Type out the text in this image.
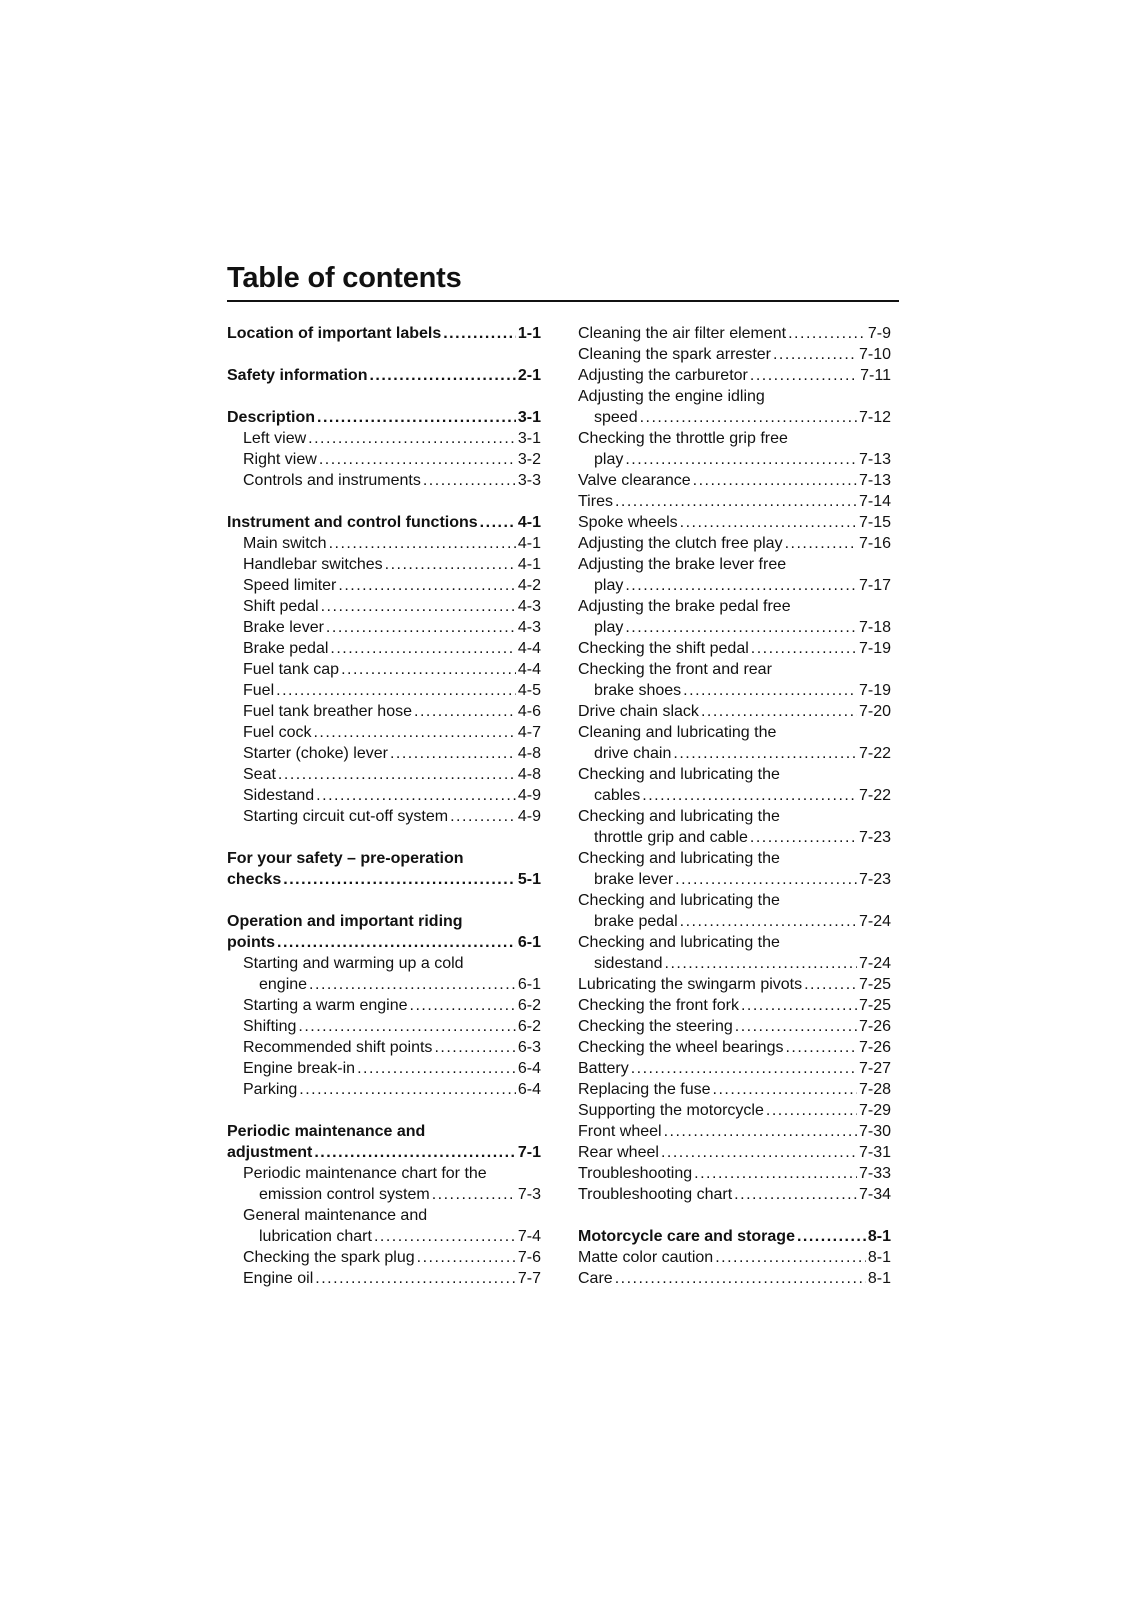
Table of contents
Location of important labels .....	1-1
Safety information .....	2-1
Description .....	3-1
Left view .....	3-1
Right view .....	3-2
Controls and instruments .....	3-3
Instrument and control functions .....	4-1
Main switch .....	4-1
Handlebar switches .....	4-1
Speed limiter .....	4-2
Shift pedal .....	4-3
Brake lever .....	4-3
Brake pedal .....	4-4
Fuel tank cap .....	4-4
Fuel .....	4-5
Fuel tank breather hose .....	4-6
Fuel cock .....	4-7
Starter (choke) lever .....	4-8
Seat .....	4-8
Sidestand .....	4-9
Starting circuit cut-off system .....	4-9
For your safety – pre-operation
checks .....	5-1
Operation and important riding
points .....	6-1
Starting and warming up a cold
engine .....	6-1
Starting a warm engine .....	6-2
Shifting .....	6-2
Recommended shift points .....	6-3
Engine break-in .....	6-4
Parking .....	6-4
Periodic maintenance and
adjustment .....	7-1
Periodic maintenance chart for the
emission control system .....	7-3
General maintenance and
lubrication chart .....	7-4
Checking the spark plug .....	7-6
Engine oil .....	7-7
Cleaning the air filter element .....	7-9
Cleaning the spark arrester .....	7-10
Adjusting the carburetor .....	7-11
Adjusting the engine idling
speed .....	7-12
Checking the throttle grip free
play .....	7-13
Valve clearance .....	7-13
Tires .....	7-14
Spoke wheels .....	7-15
Adjusting the clutch free play .....	7-16
Adjusting the brake lever free
play .....	7-17
Adjusting the brake pedal free
play .....	7-18
Checking the shift pedal .....	7-19
Checking the front and rear
brake shoes .....	7-19
Drive chain slack .....	7-20
Cleaning and lubricating the
drive chain .....	7-22
Checking and lubricating the
cables .....	7-22
Checking and lubricating the
throttle grip and cable .....	7-23
Checking and lubricating the
brake lever .....	7-23
Checking and lubricating the
brake pedal .....	7-24
Checking and lubricating the
sidestand .....	7-24
Lubricating the swingarm pivots .....	7-25
Checking the front fork .....	7-25
Checking the steering .....	7-26
Checking the wheel bearings .....	7-26
Battery .....	7-27
Replacing the fuse .....	7-28
Supporting the motorcycle .....	7-29
Front wheel .....	7-30
Rear wheel .....	7-31
Troubleshooting .....	7-33
Troubleshooting chart .....	7-34
Motorcycle care and storage .....	8-1
Matte color caution .....	8-1
Care .....	8-1
